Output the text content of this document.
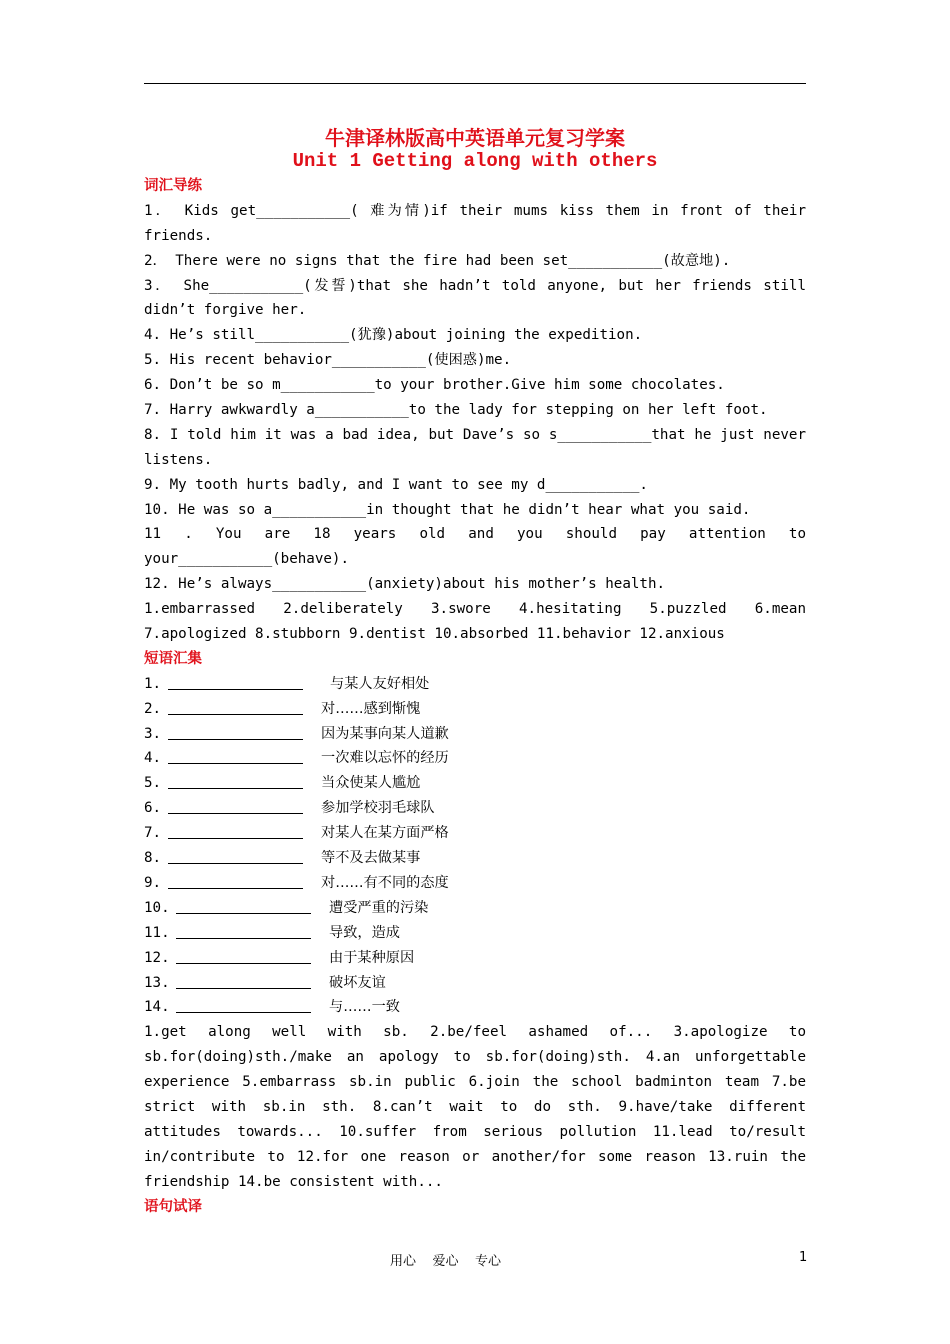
牛津译林版高中英语单元复习学案
Unit 1 Getting along with others
词汇导练
1． Kids get___________( 难为情)if their mums kiss them in front of their
friends.
2． There were no signs that the fire had been set___________(故意地).
3． She___________(发誓)that she hadn’t told anyone, but her friends still
didn’t forgive her.
4. He’s still___________(犹豫)about joining the expedition.
5. His recent behavior___________(使困惑)me.
6. Don’t be so m___________to your brother.Give him some chocolates.
7. Harry awkwardly a___________to the lady for stepping on her left foot.
8. I told him it was a bad idea, but Dave’s so s___________that he just never
listens.
9. My tooth hurts badly, and I want to see my d___________.
10. He was so a___________in thought that he didn’t hear what you said.
11 . You are 18 years old and you should pay attention to
your___________(behave).
12. He’s always___________(anxiety)about his mother’s health.
1.embarrassed 2.deliberately 3.swore 4.hesitating 5.puzzled 6.mean
7.apologized 8.stubborn 9.dentist 10.absorbed 11.behavior 12.anxious
短语汇集
1.	与某人友好相处
2.	对……感到惭愧
3.	因为某事向某人道歉
4.	一次难以忘怀的经历
5.	当众使某人尴尬
6.	参加学校羽毛球队
7.	对某人在某方面严格
8.	等不及去做某事
9.	对……有不同的态度
10.	遭受严重的污染
11.	导致，造成
12.	由于某种原因
13.	破坏友谊
14.	与……一致
1.get along well with sb. 2.be/feel ashamed of... 3.apologize to
sb.for(doing)sth./make an apology to sb.for(doing)sth. 4.an unforgettable
experience 5.embarrass sb.in public 6.join the school badminton team 7.be
strict with sb.in sth. 8.can’t wait to do sth. 9.have/take different
attitudes towards... 10.suffer from serious pollution 11.lead to/result
in/contribute to 12.for one reason or another/for some reason 13.ruin the
friendship 14.be consistent with...
语句试译
用心    爱心    专心	1
